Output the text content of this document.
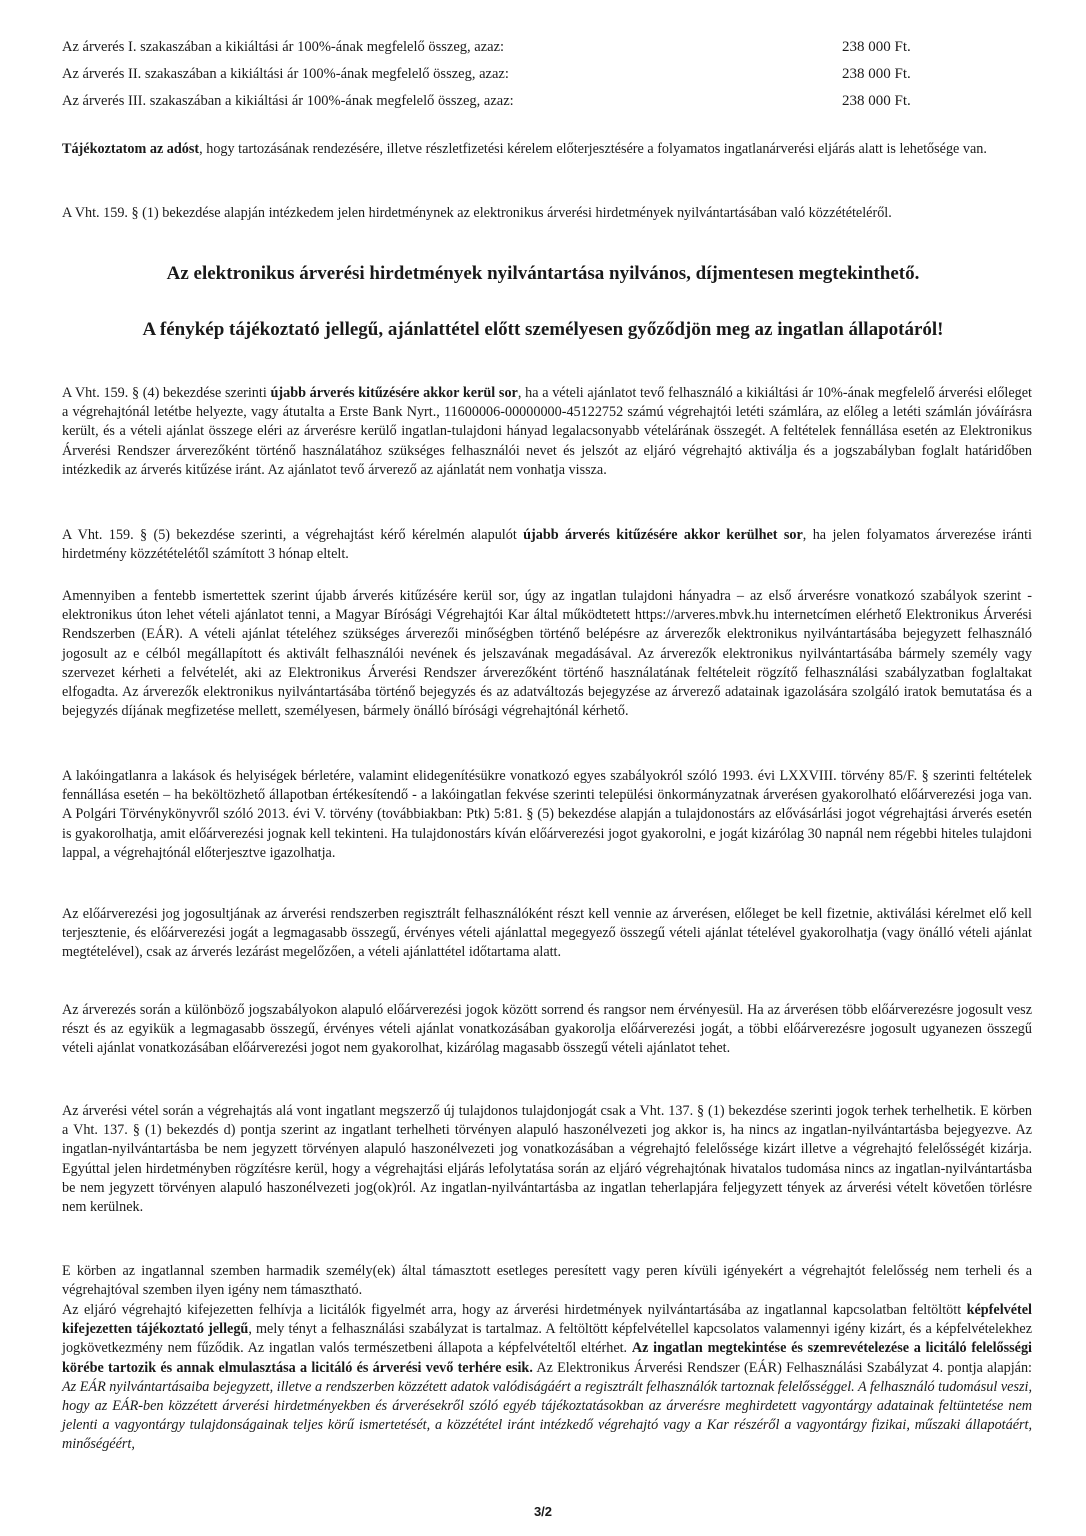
Az árverés I. szakaszában a kikiáltási ár 100%-ának megfelelő összeg, azaz:	238 000 Ft.
Az árverés II. szakaszában a kikiáltási ár 100%-ának megfelelő összeg, azaz:	238 000 Ft.
Az árverés III. szakaszában a kikiáltási ár 100%-ának megfelelő összeg, azaz:	238 000 Ft.

Tájékoztatom az adóst, hogy tartozásának rendezésére, illetve részletfizetési kérelem előterjesztésére a folyamatos ingatlanárverési eljárás alatt is lehetősége van.

A Vht. 159. § (1) bekezdése alapján intézkedem jelen hirdetménynek az elektronikus árverési hirdetmények nyilvántartásában való közzétételéről.

Az elektronikus árverési hirdetmények nyilvántartása nyilvános, díjmentesen megtekinthető.

A fénykép tájékoztató jellegű, ajánlattétel előtt személyesen győződjön meg az ingatlan állapotáról!

A Vht. 159. § (4) bekezdése szerinti újabb árverés kitűzésére akkor kerül sor, ha a vételi ajánlatot tevő felhasználó a kikiáltási ár 10%-ának megfelelő árverési előleget a végrehajtónál letétbe helyezte, vagy átutalta a Erste Bank Nyrt., 11600006-00000000-45122752 számú végrehajtói letéti számlára, az előleg a letéti számlán jóváírásra került, és a vételi ajánlat összege eléri az árverésre kerülő ingatlan-tulajdoni hányad legalacsonyabb vételárának összegét. A feltételek fennállása esetén az Elektronikus Árverési Rendszer árverezőként történő használatához szükséges felhasználói nevet és jelszót az eljáró végrehajtó aktiválja és a jogszabályban foglalt határidőben intézkedik az árverés kitűzése iránt. Az ajánlatot tevő árverező az ajánlatát nem vonhatja vissza.

A Vht. 159. § (5) bekezdése szerinti, a végrehajtást kérő kérelmén alapulót újabb árverés kitűzésére akkor kerülhet sor, ha jelen folyamatos árverezése iránti hirdetmény közzétételétől számított 3 hónap eltelt.

Amennyiben a fentebb ismertettek szerint újabb árverés kitűzésére kerül sor, úgy az ingatlan tulajdoni hányadra – az első árverésre vonatkozó szabályok szerint - elektronikus úton lehet vételi ajánlatot tenni, a Magyar Bírósági Végrehajtói Kar által működtetett https://arveres.mbvk.hu internetcímen elérhető Elektronikus Árverési Rendszerben (EÁR). A vételi ajánlat tételéhez szükséges árverezői minőségben történő belépésre az árverezők elektronikus nyilvántartásába bejegyzett felhasználó jogosult az e célból megállapított és aktivált felhasználói nevének és jelszavának megadásával. Az árverezők elektronikus nyilvántartásába bármely személy vagy szervezet kérheti a felvételét, aki az Elektronikus Árverési Rendszer árverezőként történő használatának feltételeit rögzítő felhasználási szabályzatban foglaltakat elfogadta. Az árverezők elektronikus nyilvántartásába történő bejegyzés és az adatváltozás bejegyzése az árverező adatainak igazolására szolgáló iratok bemutatása és a bejegyzés díjának megfizetése mellett, személyesen, bármely önálló bírósági végrehajtónál kérhető.

A lakóingatlanra a lakások és helyiségek bérletére, valamint elidegenítésükre vonatkozó egyes szabályokról szóló 1993. évi LXXVIII. törvény 85/F. § szerinti feltételek fennállása esetén – ha beköltözhető állapotban értékesítendő - a lakóingatlan fekvése szerinti települési önkormányzatnak árverésen gyakorolható előárverezési joga van. A Polgári Törvénykönyvről szóló 2013. évi V. törvény (továbbiakban: Ptk) 5:81. § (5) bekezdése alapján a tulajdonostárs az elővásárlási jogot végrehajtási árverés esetén is gyakorolhatja, amit előárverezési jognak kell tekinteni. Ha tulajdonostárs kíván előárverezési jogot gyakorolni, e jogát kizárólag 30 napnál nem régebbi hiteles tulajdoni lappal, a végrehajtónál előterjesztve igazolhatja.

Az előárverezési jog jogosultjának az árverési rendszerben regisztrált felhasználóként részt kell vennie az árverésen, előleget be kell fizetnie, aktiválási kérelmet elő kell terjesztenie, és előárverezési jogát a legmagasabb összegű, érvényes vételi ajánlattal megegyező összegű vételi ajánlat tételével gyakorolhatja (vagy önálló vételi ajánlat megtételével), csak az árverés lezárást megelőzően, a vételi ajánlattétel időtartama alatt.

Az árverezés során a különböző jogszabályokon alapuló előárverezési jogok között sorrend és rangsor nem érvényesül. Ha az árverésen több előárverezésre jogosult vesz részt és az egyikük a legmagasabb összegű, érvényes vételi ajánlat vonatkozásában gyakorolja előárverezési jogát, a többi előárverezésre jogosult ugyanezen összegű vételi ajánlat vonatkozásában előárverezési jogot nem gyakorolhat, kizárólag magasabb összegű vételi ajánlatot tehet.

Az árverési vétel során a végrehajtás alá vont ingatlant megszerző új tulajdonos tulajdonjogát csak a Vht. 137. § (1) bekezdése szerinti jogok terhek terhelhetik. E körben a Vht. 137. § (1) bekezdés d) pontja szerint az ingatlant terhelheti törvényen alapuló haszonélvezeti jog akkor is, ha nincs az ingatlan-nyilvántartásba bejegyezve. Az ingatlan-nyilvántartásba be nem jegyzett törvényen alapuló haszonélvezeti jog vonatkozásában a végrehajtó felelőssége kizárt illetve a végrehajtó felelősségét kizárja. Egyúttal jelen hirdetményben rögzítésre kerül, hogy a végrehajtási eljárás lefolytatása során az eljáró végrehajtónak hivatalos tudomása nincs az ingatlan-nyilvántartásba be nem jegyzett törvényen alapuló haszonélvezeti jog(ok)ról. Az ingatlan-nyilvántartásba az ingatlan teherlapjára feljegyzett tények az árverési vételt követően törlésre nem kerülnek.

E körben az ingatlannal szemben harmadik személy(ek) által támasztott esetleges peresített vagy peren kívüli igényekért a végrehajtót felelősség nem terheli és a végrehajtóval szemben ilyen igény nem támasztható.

Az eljáró végrehajtó kifejezetten felhívja a licitálók figyelmét arra, hogy az árverési hirdetmények nyilvántartásába az ingatlannal kapcsolatban feltöltött képfelvétel kifejezetten tájékoztató jellegű, mely tényt a felhasználási szabályzat is tartalmaz. A feltöltött képfelvétellel kapcsolatos valamennyi igény kizárt, és a képfelvételekhez jogkövetkezmény nem fűződik. Az ingatlan valós természetbeni állapota a képfelvételtől eltérhet. Az ingatlan megtekintése és szemrevételezése a licitáló felelősségi körébe tartozik és annak elmulasztása a licitáló és árverési vevő terhére esik. Az Elektronikus Árverési Rendszer (EÁR) Felhasználási Szabályzat 4. pontja alapján: Az EÁR nyilvántartásaiba bejegyzett, illetve a rendszerben közzétett adatok valódiságáért a regisztrált felhasználók tartoznak felelősséggel. A felhasználó tudomásul veszi, hogy az EÁR-ben közzétett árverési hirdetményekben és árverésekről szóló egyéb tájékoztatásokban az árverésre meghirdetett vagyontárgy adatainak feltüntetése nem jelenti a vagyontárgy tulajdonságainak teljes körű ismertetését, a közzététel iránt intézkedő végrehajtó vagy a Kar részéről a vagyontárgy fizikai, műszaki állapotáért, minőségéért,

3/2
